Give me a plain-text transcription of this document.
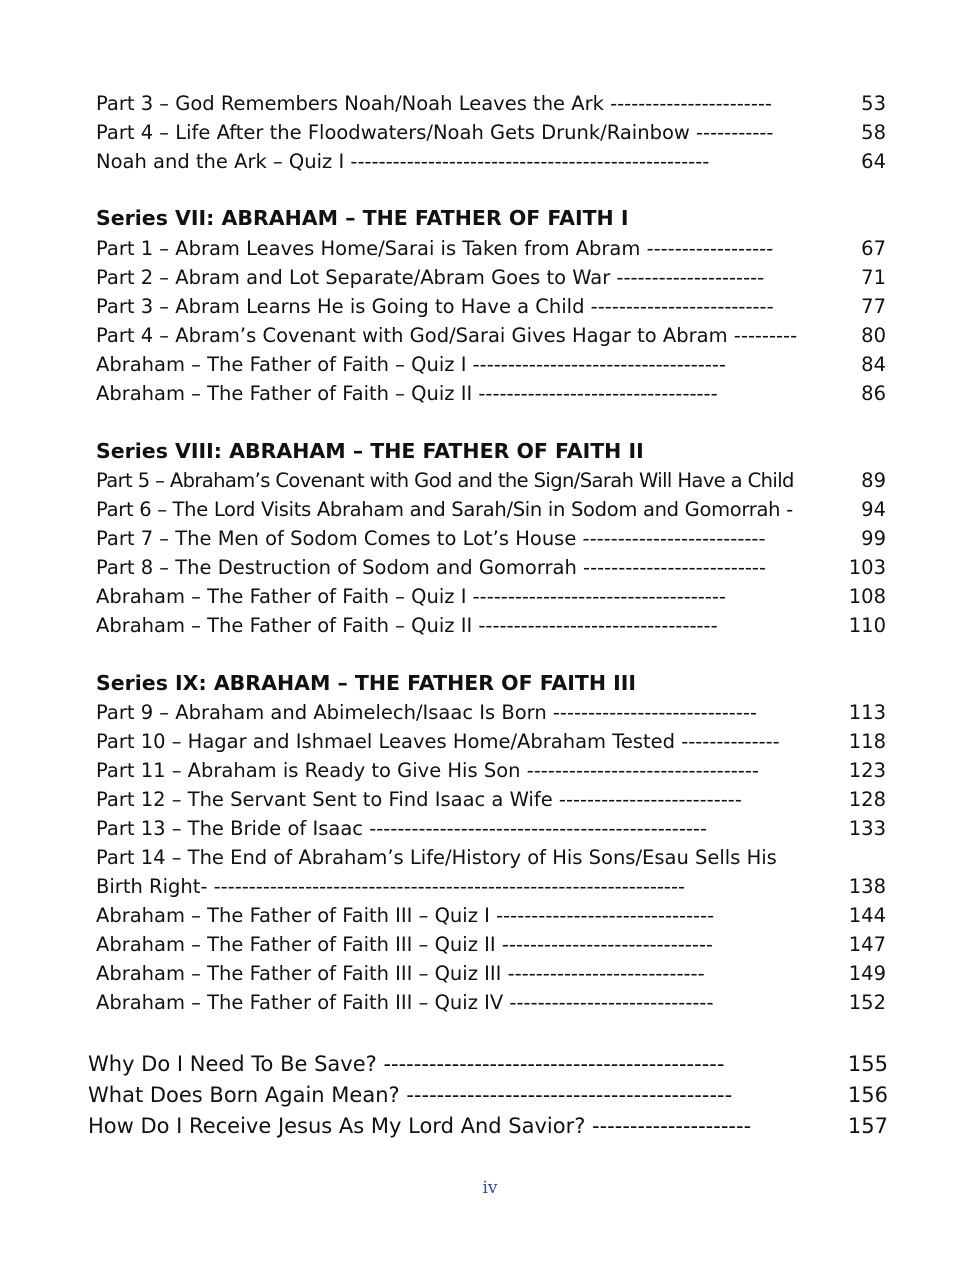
Part 3 – God Remembers Noah/Noah Leaves the Ark -----------------------	53
Part 4 – Life After the Floodwaters/Noah Gets Drunk/Rainbow -----------	58
Noah and the Ark – Quiz I ---------------------------------------------------	64
Series VII: ABRAHAM – THE FATHER OF FAITH I
Part 1 – Abram Leaves Home/Sarai is Taken from Abram ------------------	67
Part 2 – Abram and Lot Separate/Abram Goes to War ---------------------	71
Part 3 – Abram Learns He is Going to Have a Child --------------------------	77
Part 4 – Abram’s Covenant with God/Sarai Gives Hagar to Abram ---------	80
Abraham – The Father of Faith – Quiz I ------------------------------------	84
Abraham – The Father of Faith – Quiz II ----------------------------------	86
Series VIII: ABRAHAM – THE FATHER OF FAITH II
Part 5 – Abraham’s Covenant with God and the Sign/Sarah Will Have a Child	89
Part 6 – The Lord Visits Abraham and Sarah/Sin in Sodom and Gomorrah -	94
Part 7 – The Men of Sodom Comes to Lot’s House --------------------------	99
Part 8 – The Destruction of Sodom and Gomorrah --------------------------	103
Abraham – The Father of Faith – Quiz I ------------------------------------	108
Abraham – The Father of Faith – Quiz II ----------------------------------	110
Series IX: ABRAHAM – THE FATHER OF FAITH III
Part 9 – Abraham and Abimelech/Isaac Is Born -----------------------------	113
Part 10 – Hagar and Ishmael Leaves Home/Abraham Tested --------------	118
Part 11 – Abraham is Ready to Give His Son ---------------------------------	123
Part 12 – The Servant Sent to Find Isaac a Wife --------------------------	128
Part 13 – The Bride of Isaac ------------------------------------------------	133
Part 14 – The End of Abraham’s Life/History of His Sons/Esau Sells His
Birth Right- -------------------------------------------------------------------	138
Abraham – The Father of Faith III – Quiz I -------------------------------	144
Abraham – The Father of Faith III – Quiz II ------------------------------	147
Abraham – The Father of Faith III – Quiz III ----------------------------	149
Abraham – The Father of Faith III – Quiz IV -----------------------------	152
Why Do I Need To Be Save? ---------------------------------------------	155
What Does Born Again Mean? -------------------------------------------	156
How Do I Receive Jesus As My Lord And Savior? ---------------------	157
iv
